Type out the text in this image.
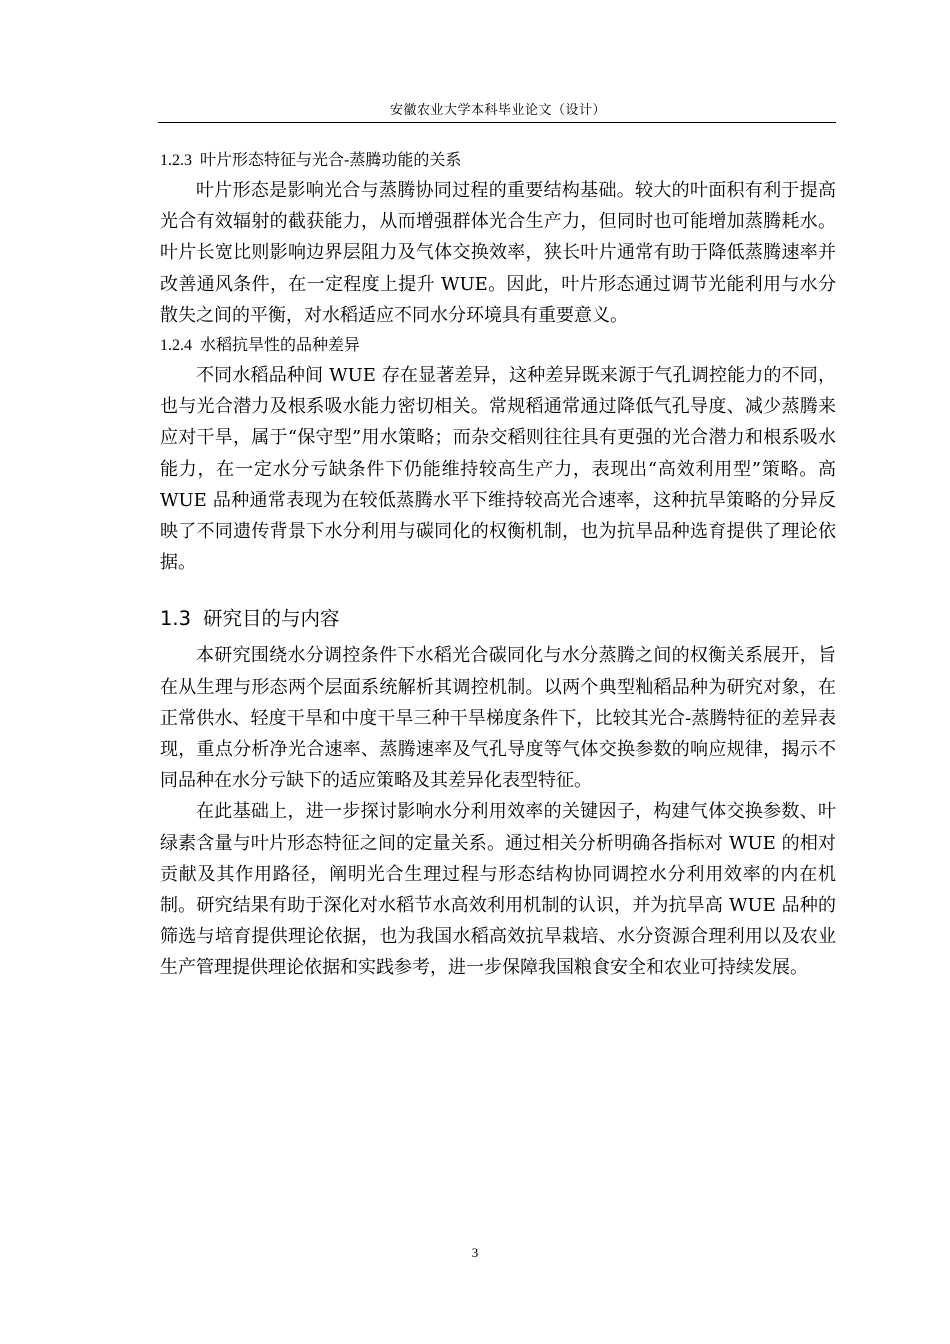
安徽农业大学本科毕业论文（设计）
1.2.3 叶片形态特征与光合-蒸腾功能的关系

叶片形态是影响光合与蒸腾协同过程的重要结构基础。较大的叶面积有利于提高光合有效辐射的截获能力，从而增强群体光合生产力，但同时也可能增加蒸腾耗水。叶片长宽比则影响边界层阻力及气体交换效率，狭长叶片通常有助于降低蒸腾速率并改善通风条件，在一定程度上提升 WUE。因此，叶片形态通过调节光能利用与水分散失之间的平衡，对水稻适应不同水分环境具有重要意义。

1.2.4 水稻抗旱性的品种差异

不同水稻品种间 WUE 存在显著差异，这种差异既来源于气孔调控能力的不同，也与光合潜力及根系吸水能力密切相关。常规稻通常通过降低气孔导度、减少蒸腾来应对干旱，属于“保守型”用水策略；而杂交稻则往往具有更强的光合潜力和根系吸水能力，在一定水分亏缺条件下仍能维持较高生产力，表现出“高效利用型”策略。高 WUE 品种通常表现为在较低蒸腾水平下维持较高光合速率，这种抗旱策略的分异反映了不同遗传背景下水分利用与碳同化的权衡机制，也为抗旱品种选育提供了理论依据。

1.3 研究目的与内容

本研究围绕水分调控条件下水稻光合碳同化与水分蒸腾之间的权衡关系展开，旨在从生理与形态两个层面系统解析其调控机制。以两个典型籼稻品种为研究对象，在正常供水、轻度干旱和中度干旱三种干旱梯度条件下，比较其光合-蒸腾特征的差异表现，重点分析净光合速率、蒸腾速率及气孔导度等气体交换参数的响应规律，揭示不同品种在水分亏缺下的适应策略及其差异化表型特征。

在此基础上，进一步探讨影响水分利用效率的关键因子，构建气体交换参数、叶绿素含量与叶片形态特征之间的定量关系。通过相关分析明确各指标对 WUE 的相对贡献及其作用路径，阐明光合生理过程与形态结构协同调控水分利用效率的内在机制。研究结果有助于深化对水稻节水高效利用机制的认识，并为抗旱高 WUE 品种的筛选与培育提供理论依据，也为我国水稻高效抗旱栽培、水分资源合理利用以及农业生产管理提供理论依据和实践参考，进一步保障我国粮食安全和农业可持续发展。

3
